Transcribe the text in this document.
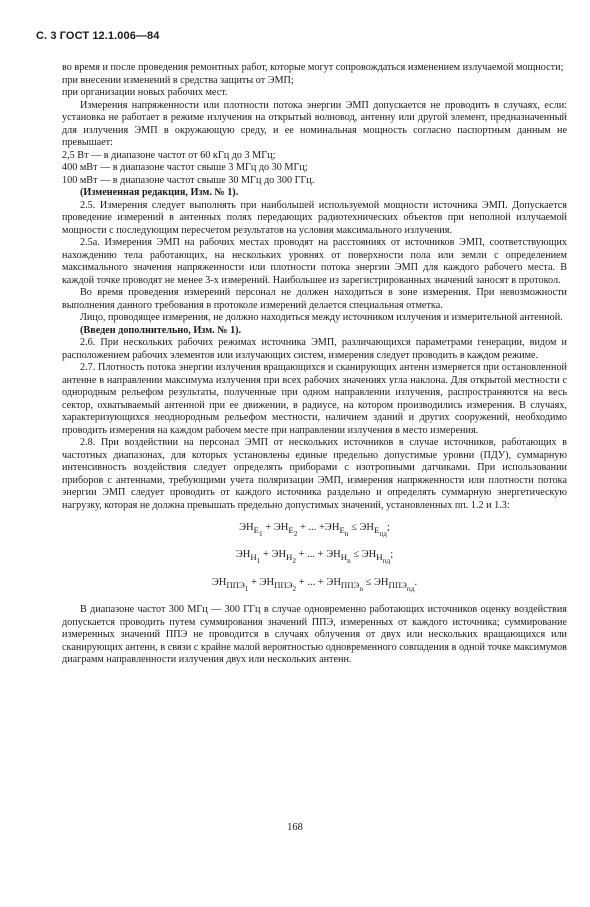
С. 3 ГОСТ 12.1.006—84

во время и после проведения ремонтных работ, которые могут сопровождаться изменением излучаемой мощности;

при внесении изменений в средства защиты от ЭМП;

при организации новых рабочих мест.

Измерения напряженности или плотности потока энергии ЭМП допускается не проводить в случаях, если: установка не работает в режиме излучения на открытый волновод, антенну или другой элемент, предназначенный для излучения ЭМП в окружающую среду, и ее номинальная мощность согласно паспортным данным не превышает:

2,5 Вт — в диапазоне частот от 60 кГц до 3 МГц;

400 мВт — в диапазоне частот свыше 3 МГц до 30 МГц;

100 мВт — в диапазоне частот свыше 30 МГц до 300 ГГц.

(Измененная редакция, Изм. № 1).

2.5. Измерения следует выполнять при наибольшей используемой мощности источника ЭМП. Допускается проведение измерений в антенных полях передающих радиотехнических объектов при неполной излучаемой мощности с последующим пересчетом результатов на условия максимального излучения.

2.5а. Измерения ЭМП на рабочих местах проводят на расстояниях от источников ЭМП, соответствующих нахождению тела работающих, на нескольких уровнях от поверхности пола или земли с определением максимального значения напряженности или плотности потока энергии ЭМП для каждого рабочего места. В каждой точке проводят не менее 3-х измерений. Наибольшее из зарегистрированных значений заносят в протокол.

Во время проведения измерений персонал не должен находиться в зоне измерения. При невозможности выполнения данного требования в протоколе измерений делается специальная отметка.

Лицо, проводящее измерения, не должно находиться между источником излучения и измерительной антенной.

(Введен дополнительно, Изм. № 1).

2.6. При нескольких рабочих режимах источника ЭМП, различающихся параметрами генерации, видом и расположением рабочих элементов или излучающих систем, измерения следует проводить в каждом режиме.

2.7. Плотность потока энергии излучения вращающихся и сканирующих антенн измеряется при остановленной антенне в направлении максимума излучения при всех рабочих значениях угла наклона. Для открытой местности с однородным рельефом результаты, полученные при одном направлении излучения, распространяются на весь сектор, охватываемый антенной при ее движении, в радиусе, на котором производились измерения. В случаях, характеризующихся неоднородным рельефом местности, наличием зданий и других сооружений, необходимо проводить измерения на каждом рабочем месте при направлении излучения в место измерения.

2.8. При воздействии на персонал ЭМП от нескольких источников в случае источников, работающих в частотных диапазонах, для которых установлены единые предельно допустимые уровни (ПДУ), суммарную интенсивность воздействия следует определять приборами с изотропными датчиками. При использовании приборов с антеннами, требующими учета поляризации ЭМП, измерения напряженности или плотности потока энергии ЭМП следует проводить от каждого источника раздельно и определять суммарную энергетическую нагрузку, которая не должна превышать предельно допустимых значений, установленных пп. 1.2 и 1.3:

$ЭН_{E_1} + ЭН_{E_2}$ + ... $+ЭН_{E_n} \le ЭН_{E_{пд}}$;
$ЭН_{H_1} + ЭН_{H_2}$ + ... + $ЭН_{H_n} \le ЭН_{H_{пд}}$;
$ЭН_{ППЭ_1} + ЭН_{ППЭ_2}$ + ... + $ЭН_{ППЭ_n} \le ЭН_{ППЭ_{пд}}$.

В диапазоне частот 300 МГц — 300 ГГц в случае одновременно работающих источников оценку воздействия допускается проводить путем суммирования значений ППЭ, измеренных от каждого источника; суммирование измеренных значений ППЭ не проводится в случаях облучения от двух или нескольких вращающихся или сканирующих антенн, в связи с крайне малой вероятностью одновременного совпадения в одной точке максимумов диаграмм направленности излучения двух или нескольких антенн.

168
